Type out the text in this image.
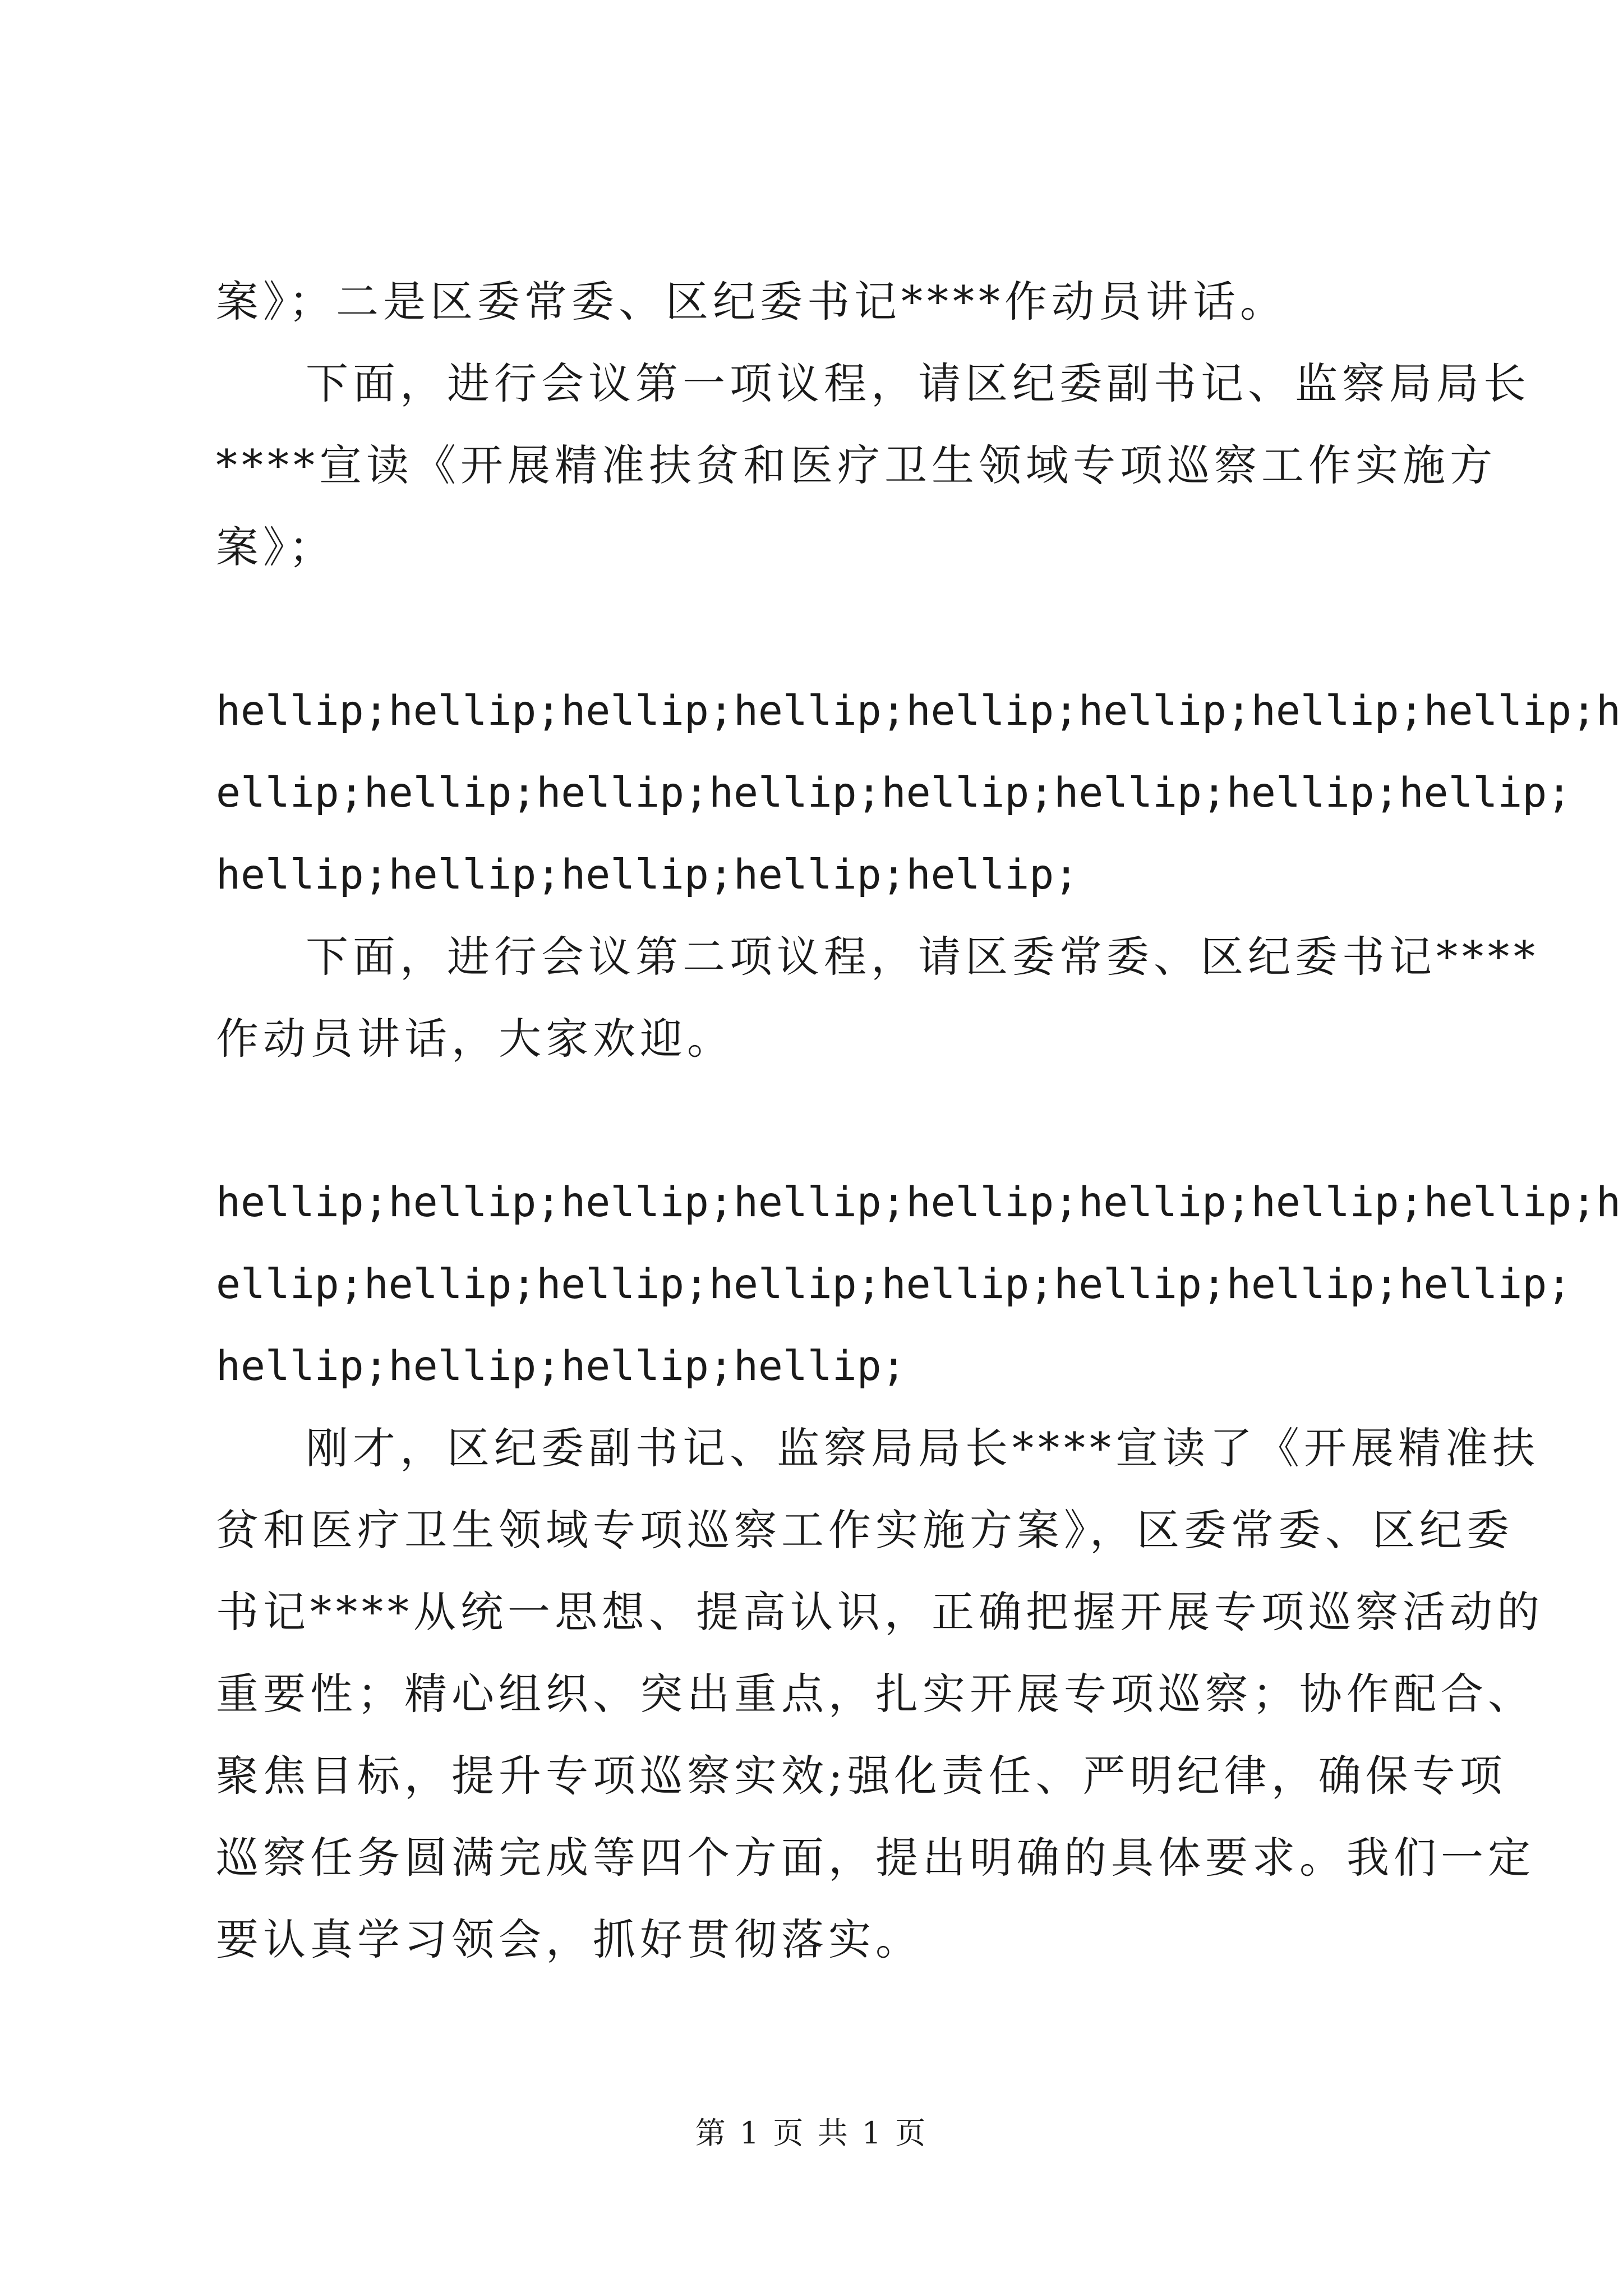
案》；二是区委常委、区纪委书记****作动员讲话。
下面，进行会议第一项议程，请区纪委副书记、监察局局长
****宣读《开展精准扶贫和医疗卫生领域专项巡察工作实施方
案》；
hellip;hellip;hellip;hellip;hellip;hellip;hellip;hellip;h
ellip;hellip;hellip;hellip;hellip;hellip;hellip;hellip;
hellip;hellip;hellip;hellip;hellip;
下面，进行会议第二项议程，请区委常委、区纪委书记****
作动员讲话，大家欢迎。
hellip;hellip;hellip;hellip;hellip;hellip;hellip;hellip;h
ellip;hellip;hellip;hellip;hellip;hellip;hellip;hellip;
hellip;hellip;hellip;hellip;
刚才，区纪委副书记、监察局局长****宣读了《开展精准扶
贫和医疗卫生领域专项巡察工作实施方案》，区委常委、区纪委
书记****从统一思想、提高认识，正确把握开展专项巡察活动的
重要性；精心组织、突出重点，扎实开展专项巡察；协作配合、
聚焦目标，提升专项巡察实效;强化责任、严明纪律，确保专项
巡察任务圆满完成等四个方面，提出明确的具体要求。我们一定
要认真学习领会，抓好贯彻落实。
第 1 页 共 1 页
